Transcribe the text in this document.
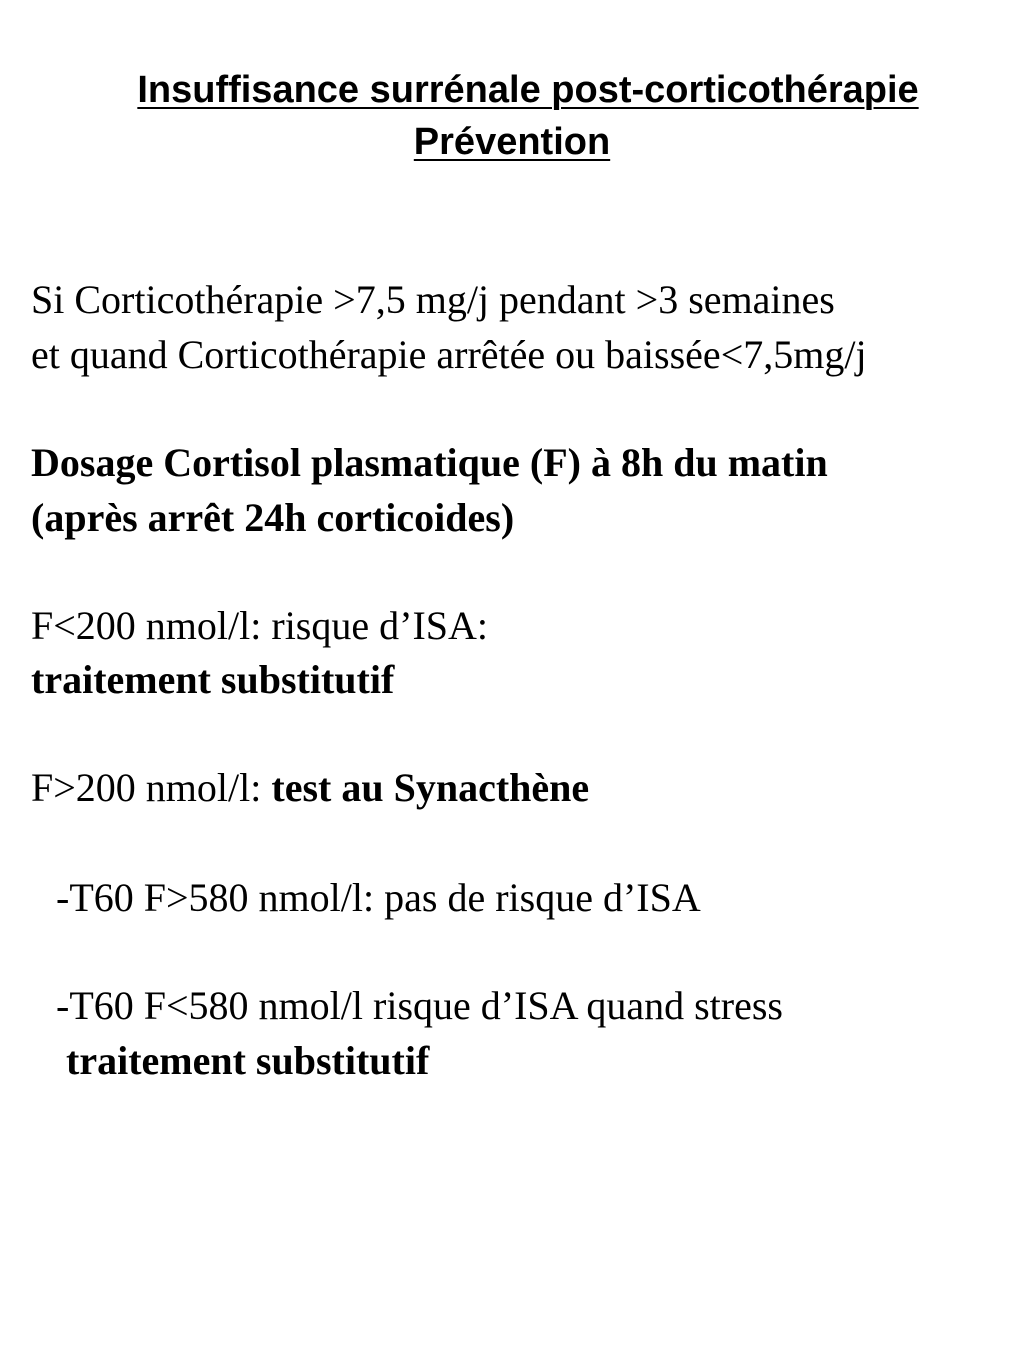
Insuffisance surrénale post-corticothérapie
Prévention

Si Corticothérapie >7,5 mg/j pendant >3 semaines

et quand Corticothérapie arrêtée ou baissée<7,5mg/j

Dosage Cortisol plasmatique (F) à 8h du matin

(après arrêt 24h corticoides)

F<200 nmol/l: risque d’ISA:

traitement substitutif

F>200 nmol/l: test au Synacthène

-T60 F>580 nmol/l: pas de risque d’ISA

-T60 F<580 nmol/l risque d’ISA quand stress

traitement substitutif
